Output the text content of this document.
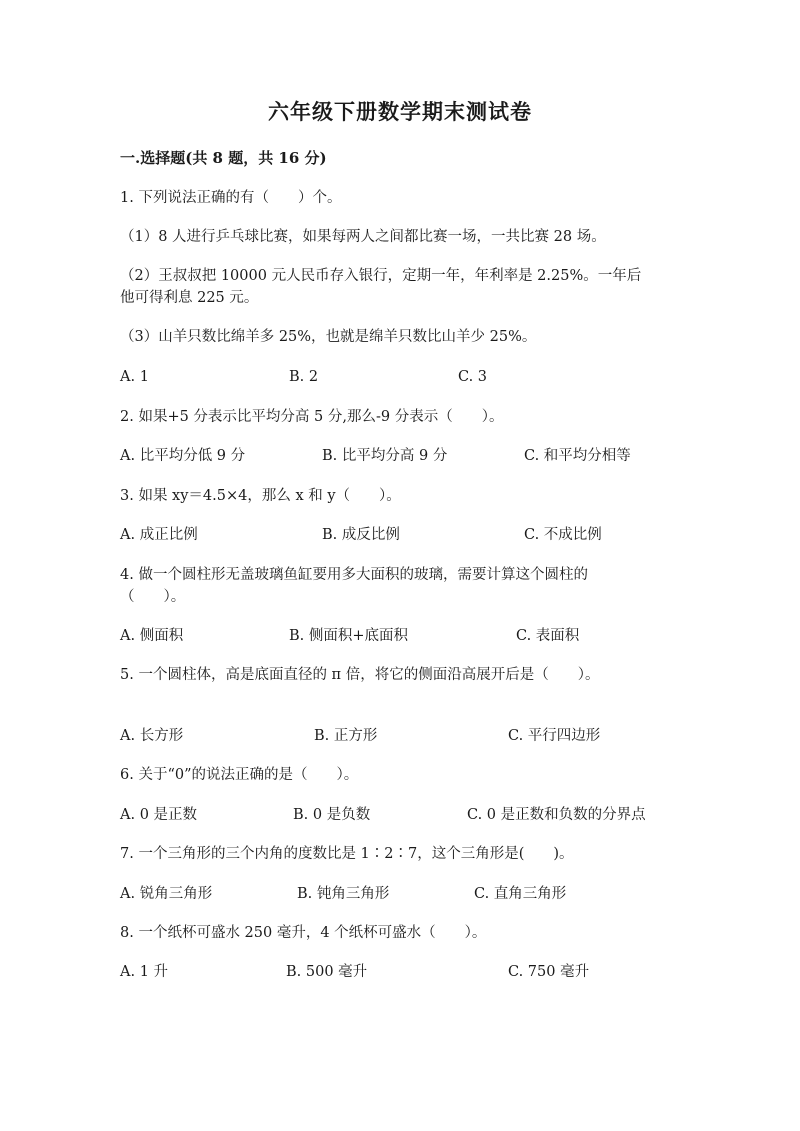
六年级下册数学期末测试卷
一.选择题(共 8 题，共 16 分)
1. 下列说法正确的有（　　）个。
（1）8 人进行乒乓球比赛，如果每两人之间都比赛一场，一共比赛 28 场。
（2）王叔叔把 10000 元人民币存入银行，定期一年，年利率是 2.25%。一年后
他可得利息 225 元。
（3）山羊只数比绵羊多 25%，也就是绵羊只数比山羊少 25%。
A. 1	B. 2	C. 3
2. 如果+5 分表示比平均分高 5 分,那么-9 分表示（　　）。
A. 比平均分低 9 分	B. 比平均分高 9 分	C. 和平均分相等
3. 如果 xy＝4.5×4，那么 x 和 y（　　）。
A. 成正比例	B. 成反比例	C. 不成比例
4. 做一个圆柱形无盖玻璃鱼缸要用多大面积的玻璃，需要计算这个圆柱的
（　　）。
A. 侧面积	B. 侧面积+底面积	C. 表面积
5. 一个圆柱体，高是底面直径的 π 倍，将它的侧面沿高展开后是（　　）。
A. 长方形	B. 正方形	C. 平行四边形
6. 关于“0”的说法正确的是（　　）。
A. 0 是正数	B. 0 是负数	C. 0 是正数和负数的分界点
7. 一个三角形的三个内角的度数比是 1∶2∶7，这个三角形是(　　)。
A. 锐角三角形	B. 钝角三角形	C. 直角三角形
8. 一个纸杯可盛水 250 毫升，4 个纸杯可盛水（　　）。
A. 1 升	B. 500 毫升	C. 750 毫升
